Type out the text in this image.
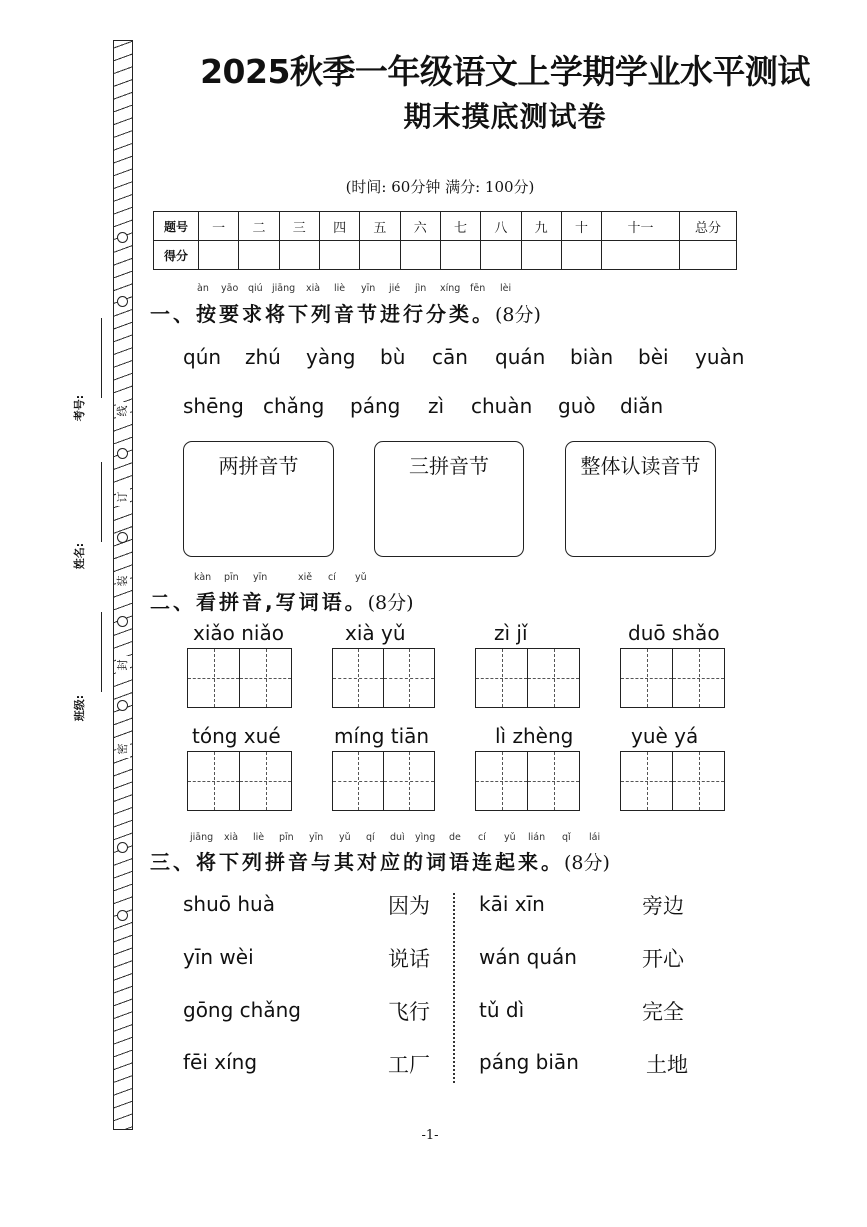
线
订
装
封
密
考号:
姓名:
班级:
2025秋季一年级语文上学期学业水平测试
期末摸底测试卷
(时间: 60分钟 满分: 100分)
题号	一	二	三	四	五	六	七	八	九	十	十一	总分
得分												
àn yāo qiú jiāng xià liè yīn jié jìn xíng fēn lèi
一、按要求将下列音节进行分类。(8分)
qún zhú yàng bù cān quán biàn bèi yuàn
shēng chǎng páng zì chuàn guò diǎn
两拼音节	三拼音节	整体认读音节
kàn pīn yīn	xiě cí yǔ
二、看拼音,写词语。(8分)
xiǎo niǎo	xià yǔ	zì jǐ	duō shǎo
tóng xué	míng tiān	lì zhèng	yuè yá
jiāng xià liè pīn yīn yǔ qí duì yìng de cí yǔ lián qǐ lái
三、将下列拼音与其对应的词语连起来。(8分)
shuō huà
yīn wèi
gōng chǎng
fēi xíng
因为
说话
飞行
工厂
kāi xīn
wán quán
tǔ dì
páng biān
旁边
开心
完全
土地
-1-
